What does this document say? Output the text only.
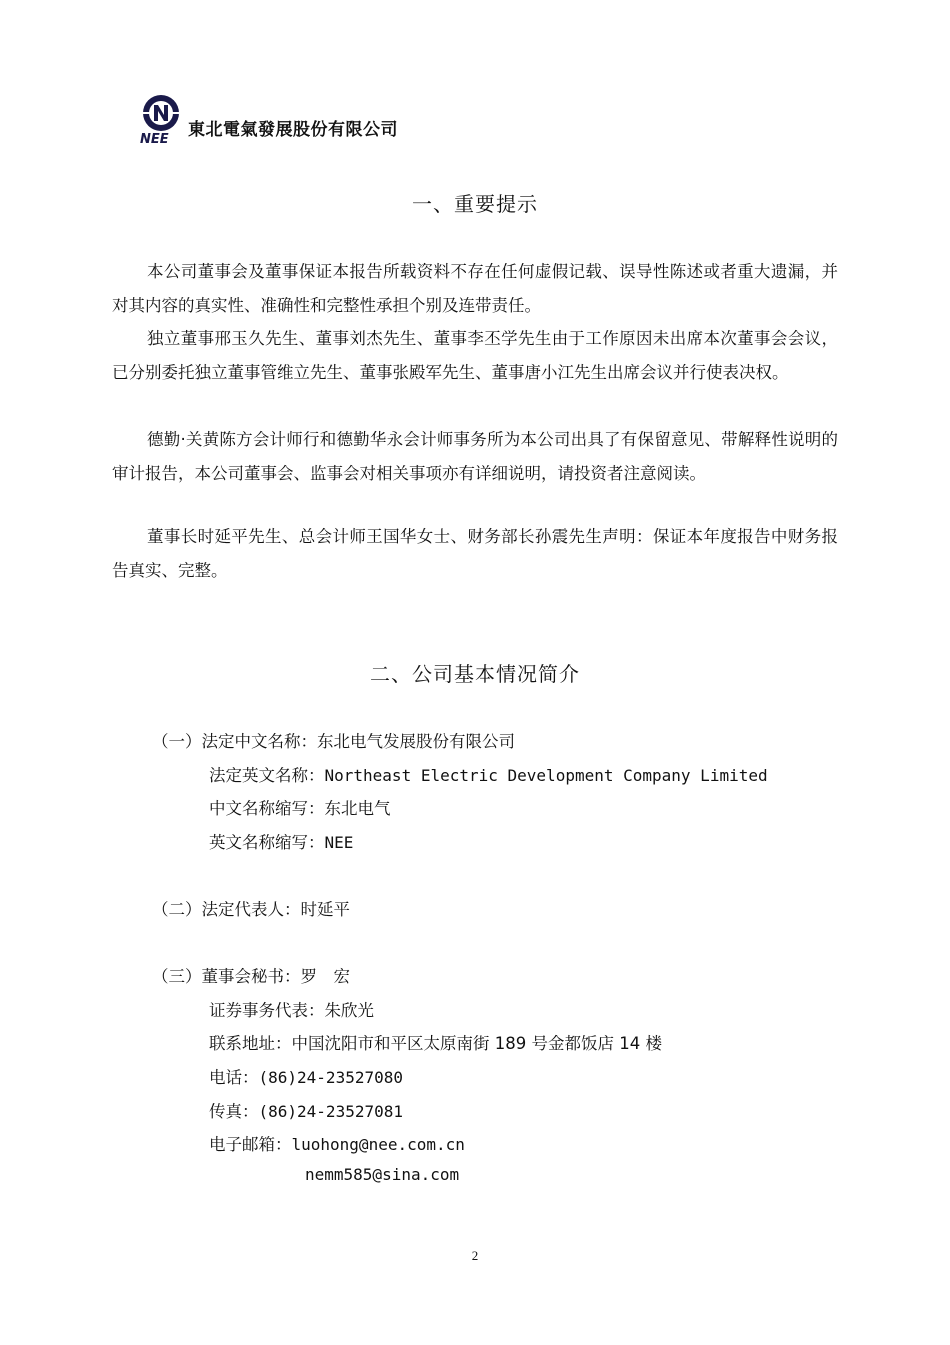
NEE 東北電氣發展股份有限公司
一、重要提示

本公司董事会及董事保证本报告所载资料不存在任何虚假记载、误导性陈述或者重大遗漏，并对其内容的真实性、准确性和完整性承担个别及连带责任。

独立董事邢玉久先生、董事刘杰先生、董事李丕学先生由于工作原因未出席本次董事会会议，已分别委托独立董事管维立先生、董事张殿军先生、董事唐小江先生出席会议并行使表决权。

德勤·关黄陈方会计师行和德勤华永会计师事务所为本公司出具了有保留意见、带解释性说明的审计报告，本公司董事会、监事会对相关事项亦有详细说明，请投资者注意阅读。

董事长时延平先生、总会计师王国华女士、财务部长孙震先生声明：保证本年度报告中财务报告真实、完整。

二、公司基本情况简介
（一）法定中文名称：东北电气发展股份有限公司
法定英文名称：Northeast Electric Development Company Limited
中文名称缩写：东北电气
英文名称缩写：NEE
（二）法定代表人：时延平
（三）董事会秘书：罗　宏
证券事务代表：朱欣光
联系地址：中国沈阳市和平区太原南街 189 号金都饭店 14 楼
电话：(86)24-23527080
传真：(86)24-23527081
电子邮箱：luohong@nee.com.cn
nemm585@sina.com
2
